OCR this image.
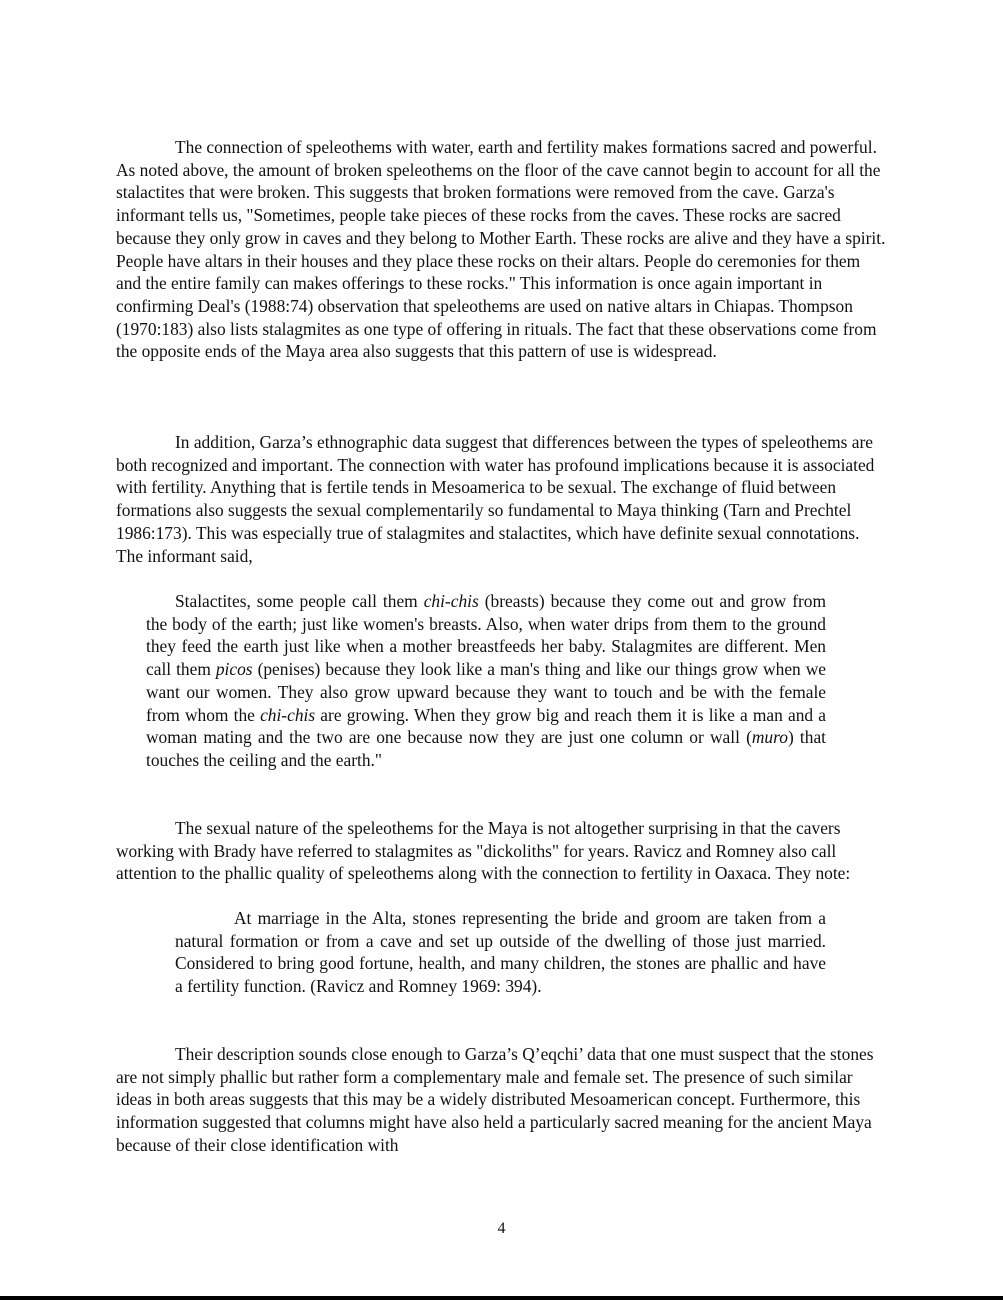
The connection of speleothems with water, earth and fertility makes formations sacred and powerful. As noted above, the amount of broken speleothems on the floor of the cave cannot begin to account for all the stalactites that were broken. This suggests that broken formations were removed from the cave. Garza's informant tells us, "Sometimes, people take pieces of these rocks from the caves. These rocks are sacred because they only grow in caves and they belong to Mother Earth. These rocks are alive and they have a spirit. People have altars in their houses and they place these rocks on their altars. People do ceremonies for them and the entire family can makes offerings to these rocks." This information is once again important in confirming Deal's (1988:74) observation that speleothems are used on native altars in Chiapas. Thompson (1970:183) also lists stalagmites as one type of offering in rituals. The fact that these observations come from the opposite ends of the Maya area also suggests that this pattern of use is widespread.

In addition, Garza’s ethnographic data suggest that differences between the types of speleothems are both recognized and important. The connection with water has profound implications because it is associated with fertility. Anything that is fertile tends in Mesoamerica to be sexual. The exchange of fluid between formations also suggests the sexual complementarily so fundamental to Maya thinking (Tarn and Prechtel 1986:173). This was especially true of stalagmites and stalactites, which have definite sexual connotations. The informant said,

Stalactites, some people call them chi-chis (breasts) because they come out and grow from the body of the earth; just like women's breasts. Also, when water drips from them to the ground they feed the earth just like when a mother breastfeeds her baby. Stalagmites are different. Men call them picos (penises) because they look like a man's thing and like our things grow when we want our women. They also grow upward because they want to touch and be with the female from whom the chi-chis are growing. When they grow big and reach them it is like a man and a woman mating and the two are one because now they are just one column or wall (muro) that touches the ceiling and the earth."

The sexual nature of the speleothems for the Maya is not altogether surprising in that the cavers working with Brady have referred to stalagmites as "dickoliths" for years. Ravicz and Romney also call attention to the phallic quality of speleothems along with the connection to fertility in Oaxaca. They note:

At marriage in the Alta, stones representing the bride and groom are taken from a natural formation or from a cave and set up outside of the dwelling of those just married. Considered to bring good fortune, health, and many children, the stones are phallic and have a fertility function. (Ravicz and Romney 1969: 394).

Their description sounds close enough to Garza’s Q’eqchi’ data that one must suspect that the stones are not simply phallic but rather form a complementary male and female set. The presence of such similar ideas in both areas suggests that this may be a widely distributed Mesoamerican concept. Furthermore, this information suggested that columns might have also held a particularly sacred meaning for the ancient Maya because of their close identification with

4
